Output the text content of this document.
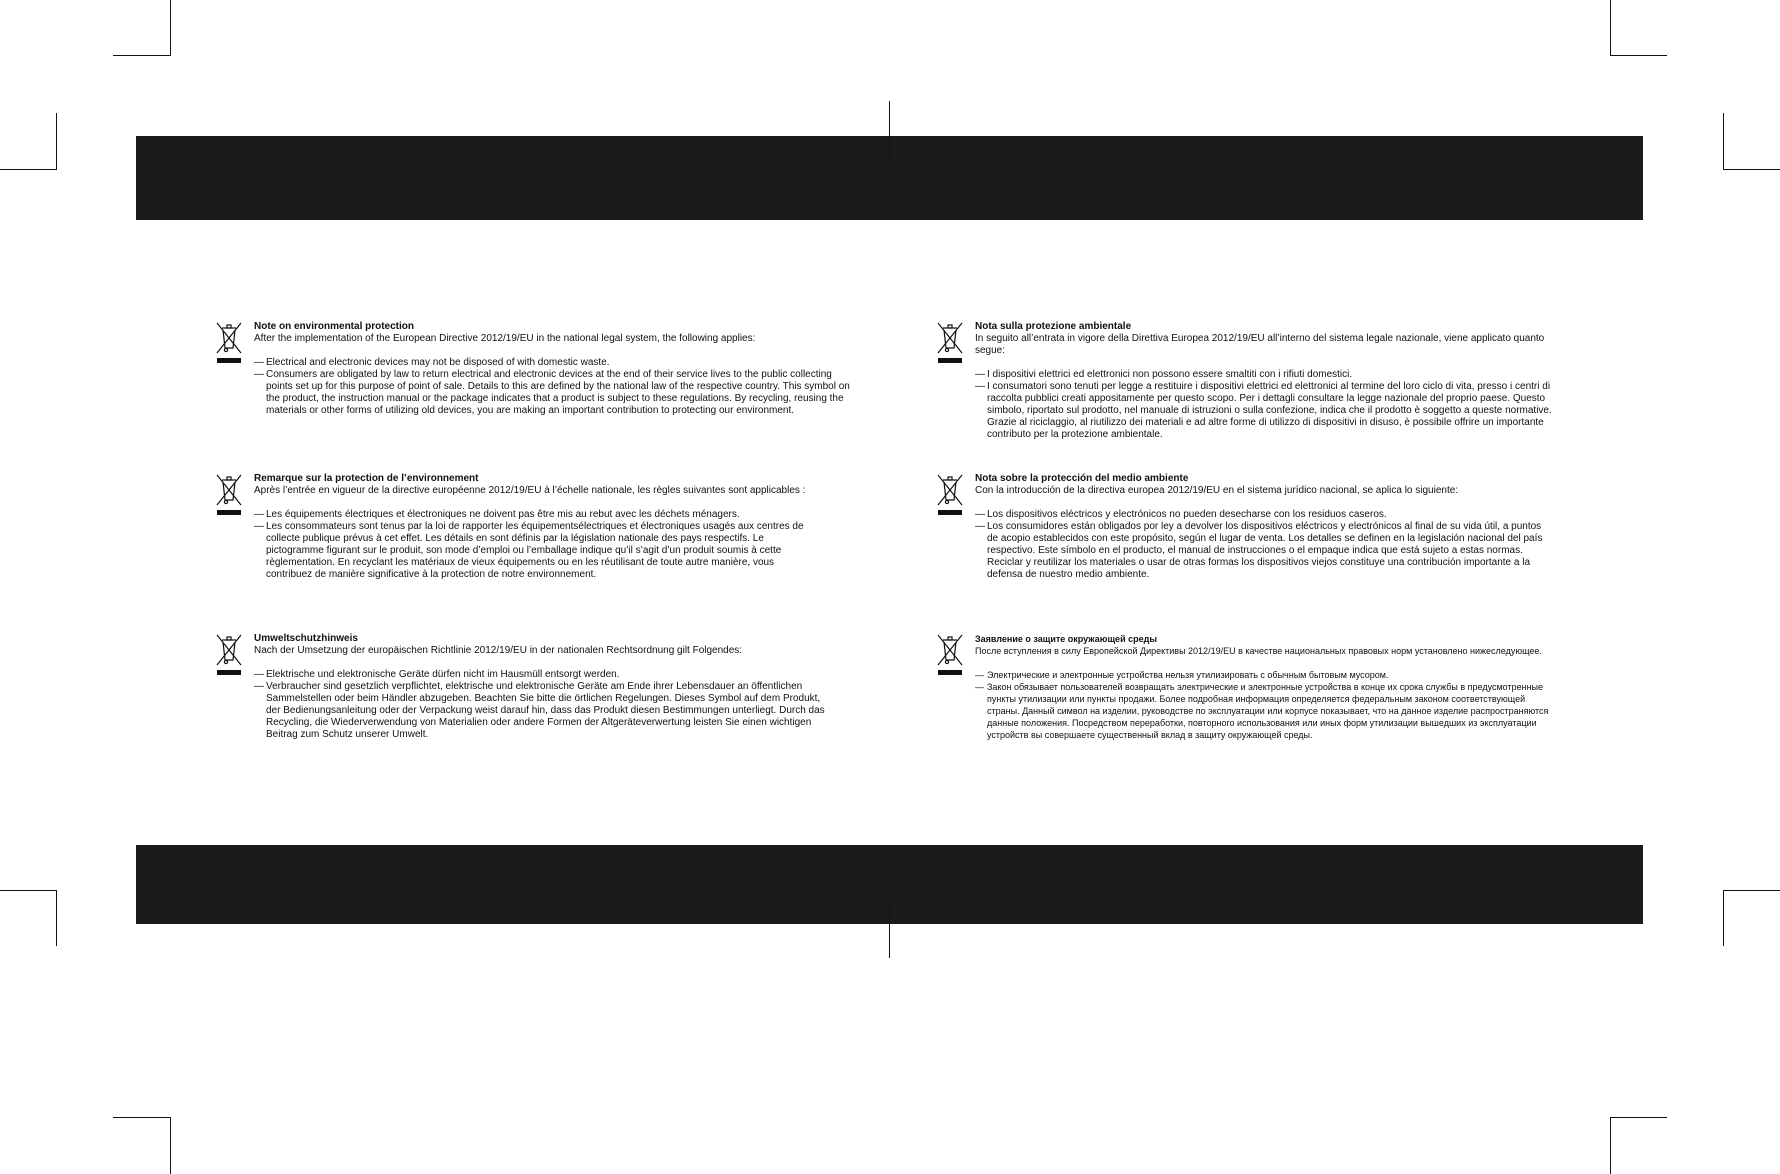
Note on environmental protection

After the implementation of the European Directive 2012/19/EU in the national legal system, the following applies:

— Electrical and electronic devices may not be disposed of with domestic waste.
— Consumers are obligated by law to return electrical and electronic devices at the end of their service lives to the public collecting points set up for this purpose of point of sale. Details to this are defined by the national law of the respective country. This symbol on the product, the instruction manual or the package indicates that a product is subject to these regulations. By recycling, reusing the materials or other forms of utilizing old devices, you are making an important contribution to protecting our environment.
Remarque sur la protection de l’environnement

Après l’entrée en vigueur de la directive européenne 2012/19/EU à l’échelle nationale, les règles suivantes sont applicables :

— Les équipements électriques et électroniques ne doivent pas être mis au rebut avec les déchets ménagers.
— Les consommateurs sont tenus par la loi de rapporter les équipementsélectriques et électroniques usagés aux centres de collecte publique prévus à cet effet. Les détails en sont définis par la législation nationale des pays respectifs. Le pictogramme figurant sur le produit, son mode d’emploi ou l’emballage indique qu’il s’agit d’un produit soumis à cette règlementation. En recyclant les matériaux de vieux équipements ou en les réutilisant de toute autre manière, vous contribuez de manière significative à la protection de notre environnement.
Umweltschutzhinweis

Nach der Umsetzung der europäischen Richtlinie 2012/19/EU in der nationalen Rechtsordnung gilt Folgendes:

— Elektrische und elektronische Geräte dürfen nicht im Hausmüll entsorgt werden.
— Verbraucher sind gesetzlich verpflichtet, elektrische und elektronische Geräte am Ende ihrer Lebensdauer an öffentlichen Sammelstellen oder beim Händler abzugeben. Beachten Sie bitte die örtlichen Regelungen. Dieses Symbol auf dem Produkt, der Bedienungsanleitung oder der Verpackung weist darauf hin, dass das Produkt diesen Bestimmungen unterliegt. Durch das Recycling, die Wiederverwendung von Materialien oder andere Formen der Altgeräteverwertung leisten Sie einen wichtigen Beitrag zum Schutz unserer Umwelt.
Nota sulla protezione ambientale

In seguito all’entrata in vigore della Direttiva Europea 2012/19/EU all’interno del sistema legale nazionale, viene applicato quanto segue:

— I dispositivi elettrici ed elettronici non possono essere smaltiti con i rifiuti domestici.
— I consumatori sono tenuti per legge a restituire i dispositivi elettrici ed elettronici al termine del loro ciclo di vita, presso i centri di raccolta pubblici creati appositamente per questo scopo. Per i dettagli consultare la legge nazionale del proprio paese. Questo simbolo, riportato sul prodotto, nel manuale di istruzioni o sulla confezione, indica che il prodotto è soggetto a queste normative. Grazie al riciclaggio, al riutilizzo dei materiali e ad altre forme di utilizzo di dispositivi in disuso, è possibile offrire un importante contributo per la protezione ambientale.
Nota sobre la protección del medio ambiente

Con la introducción de la directiva europea 2012/19/EU en el sistema jurídico nacional, se aplica lo siguiente:

— Los dispositivos eléctricos y electrónicos no pueden desecharse con los residuos caseros.
— Los consumidores están obligados por ley a devolver los dispositivos eléctricos y electrónicos al final de su vida útil, a puntos de acopio establecidos con este propósito, según el lugar de venta. Los detalles se definen en la legislación nacional del país respectivo. Este símbolo en el producto, el manual de instrucciones o el empaque indica que está sujeto a estas normas. Reciclar y reutilizar los materiales o usar de otras formas los dispositivos viejos constituye una contribución importante a la defensa de nuestro medio ambiente.
Заявление о защите окружающей среды

После вступления в силу Европейской Директивы 2012/19/EU в качестве национальных правовых норм установлено нижеследующее.

— Электрические и электронные устройства нельзя утилизировать с обычным бытовым мусором.
— Закон обязывает пользователей возвращать электрические и электронные устройства в конце их срока службы в предусмотренные пункты утилизации или пункты продажи. Более подробная информация определяется федеральным законом соответствующей страны. Данный символ на изделии, руководстве по эксплуатации или корпусе показывает, что на данное изделие распространяются данные положения. Посредством переработки, повторного использования или иных форм утилизации вышедших из эксплуатации устройств вы совершаете существенный вклад в защиту окружающей среды.
